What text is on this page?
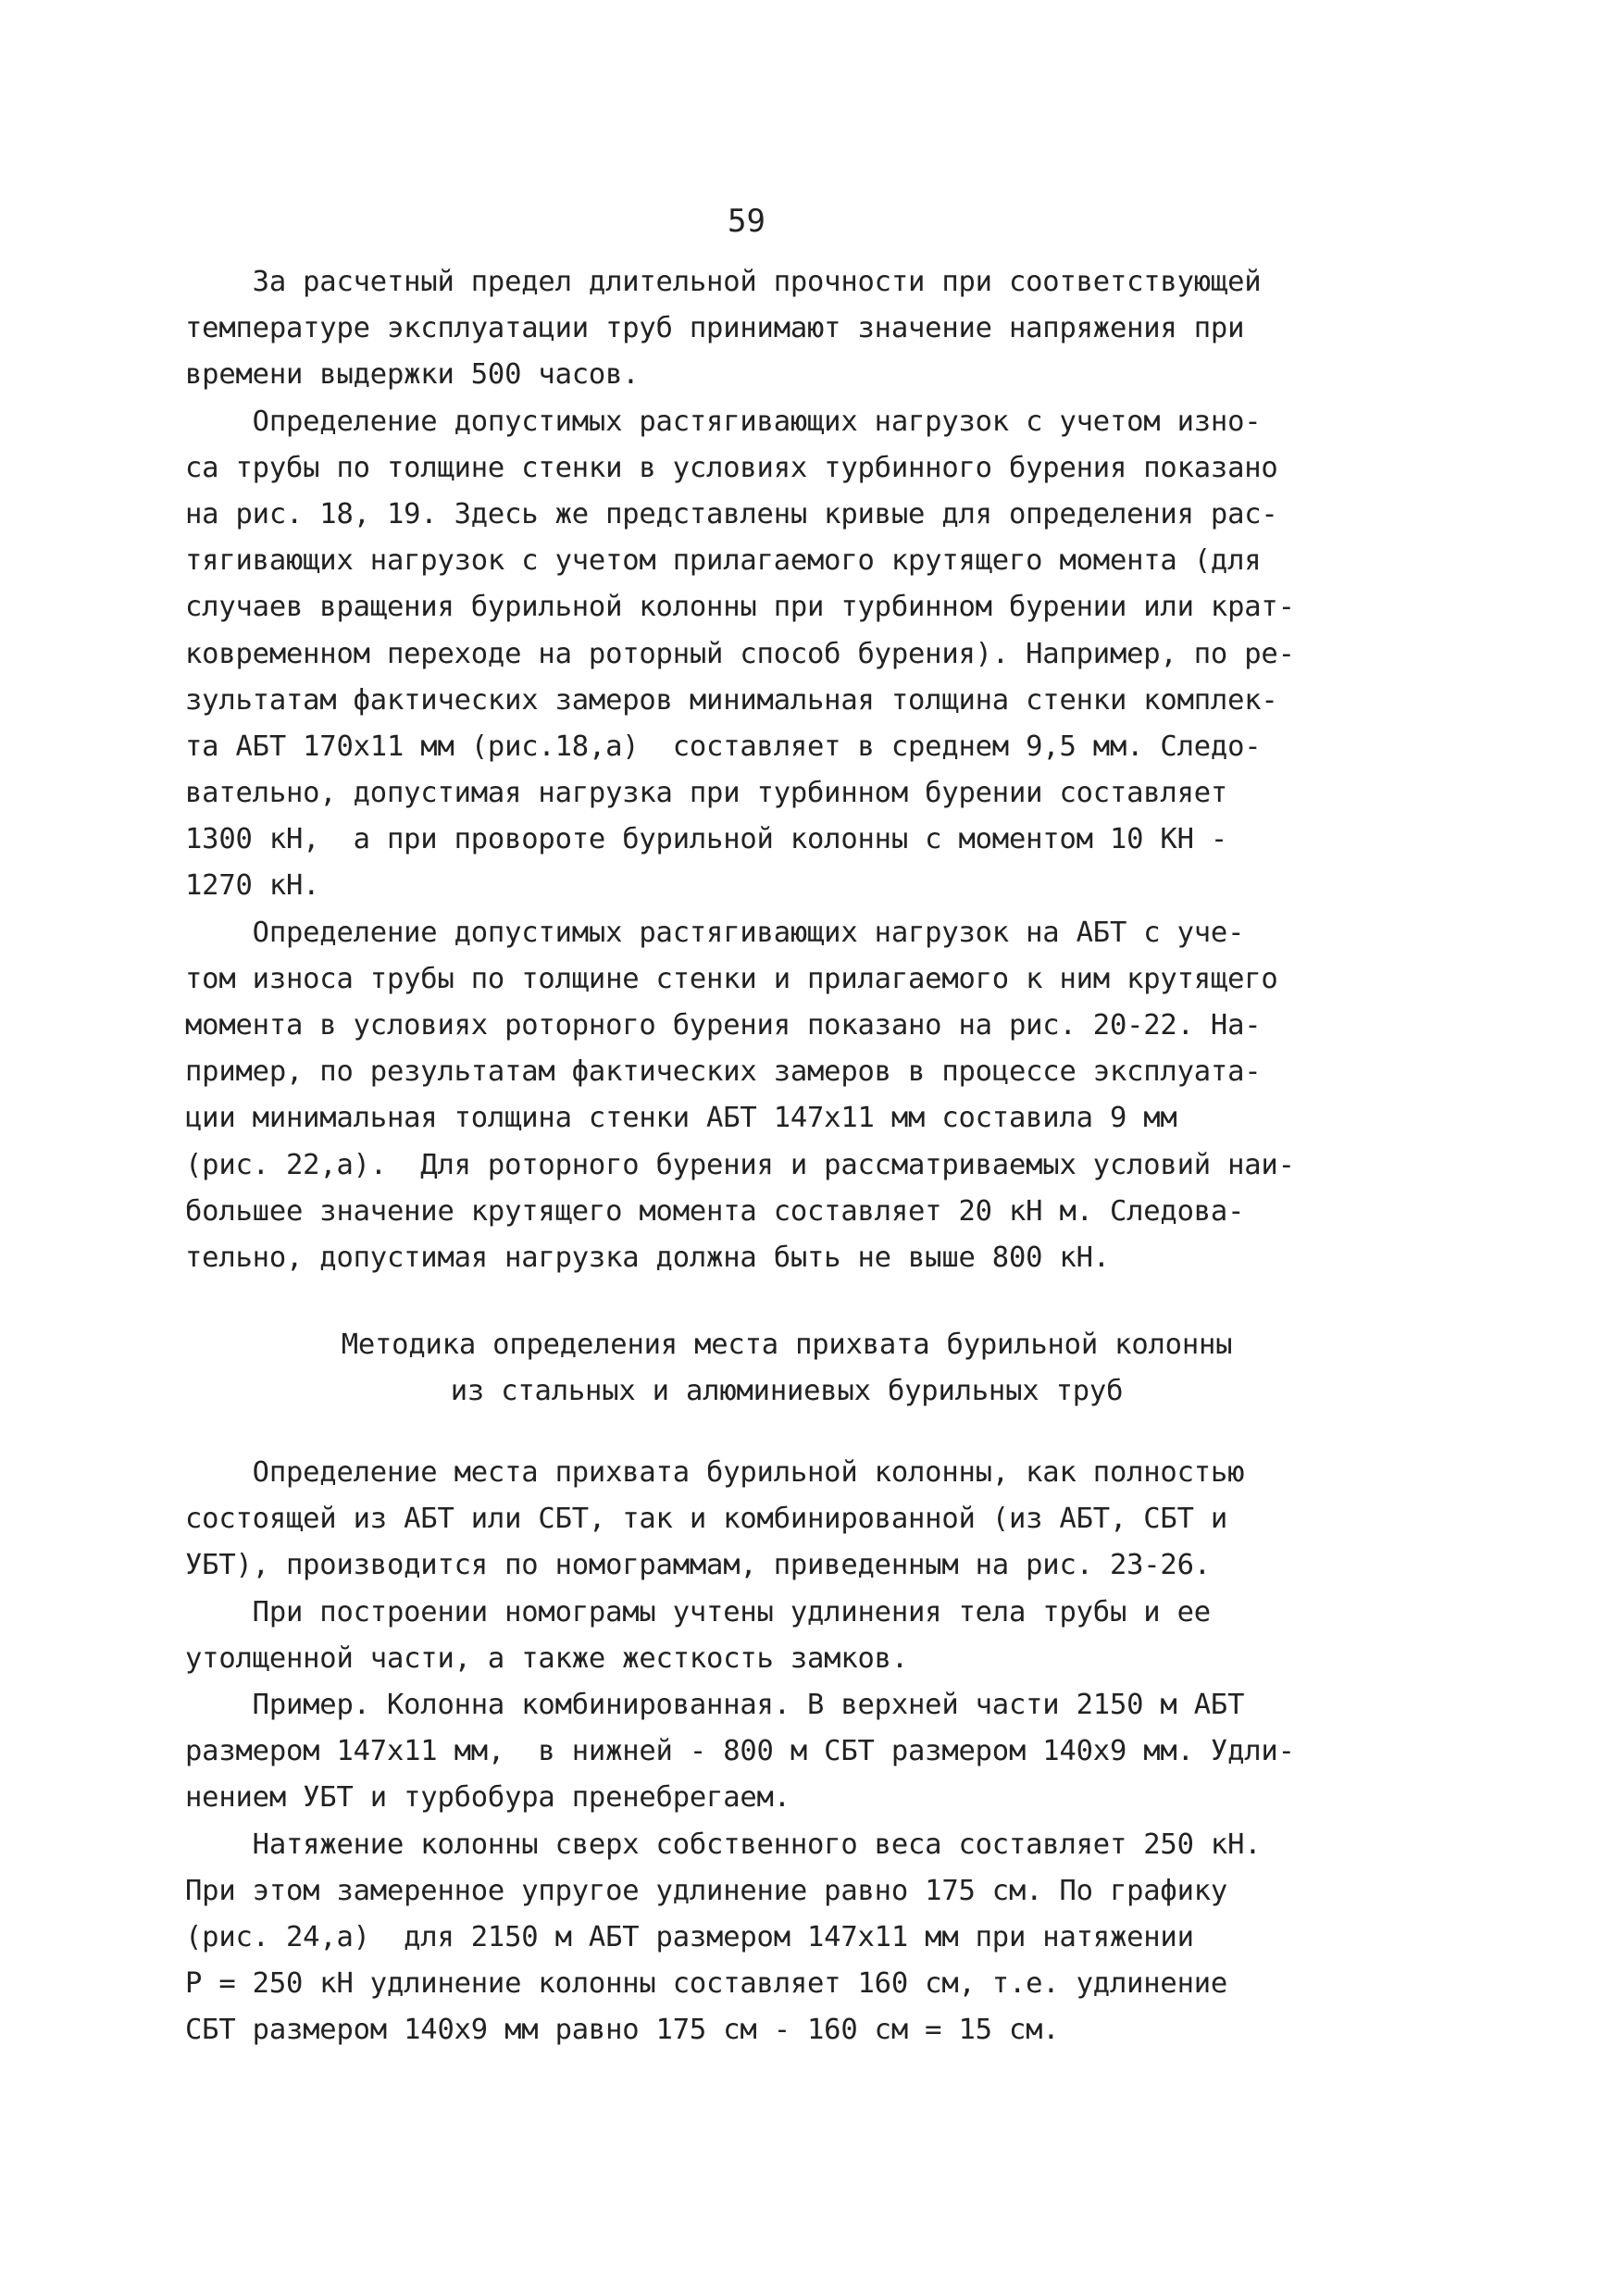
59
За расчетный предел длительной прочности при соответствующей
температуре эксплуатации труб принимают значение напряжения при
времени выдержки 500 часов.
Определение допустимых растягивающих нагрузок с учетом изно-
са трубы по толщине стенки в условиях турбинного бурения показано
на рис. 18, 19. Здесь же представлены кривые для определения рас-
тягивающих нагрузок с учетом прилагаемого крутящего момента (для
случаев вращения бурильной колонны при турбинном бурении или крат-
ковременном переходе на роторный способ бурения). Например, по ре-
зультатам фактических замеров минимальная толщина стенки комплек-
та АБТ 170x11 мм (рис.18,а)  составляет в среднем 9,5 мм. Следо-
вательно, допустимая нагрузка при турбинном бурении составляет
1300 кН,  а при провороте бурильной колонны с моментом 10 КН -
1270 кН.
Определение допустимых растягивающих нагрузок на АБТ с уче-
том износа трубы по толщине стенки и прилагаемого к ним крутящего
момента в условиях роторного бурения показано на рис. 20-22. На-
пример, по результатам фактических замеров в процессе эксплуата-
ции минимальная толщина стенки АБТ 147x11 мм составила 9 мм
(рис. 22,а).  Для роторного бурения и рассматриваемых условий наи-
большее значение крутящего момента составляет 20 кН м. Следова-
тельно, допустимая нагрузка должна быть не выше 800 кН.
Методика определения места прихвата бурильной колонны
из стальных и алюминиевых бурильных труб
Определение места прихвата бурильной колонны, как полностью
состоящей из АБТ или СБТ, так и комбинированной (из АБТ, СБТ и
УБТ), производится по номограммам, приведенным на рис. 23-26.
При построении номограмы учтены удлинения тела трубы и ее
утолщенной части, а также жесткость замков.
Пример. Колонна комбинированная. В верхней части 2150 м АБТ
размером 147x11 мм,  в нижней - 800 м СБТ размером 140x9 мм. Удли-
нением УБТ и турбобура пренебрегаем.
Натяжение колонны сверх собственного веса составляет 250 кН.
При этом замеренное упругое удлинение равно 175 см. По графику
(рис. 24,а)  для 2150 м АБТ размером 147x11 мм при натяжении
Р = 250 кН удлинение колонны составляет 160 см, т.е. удлинение
СБТ размером 140x9 мм равно 175 см - 160 см = 15 см.
